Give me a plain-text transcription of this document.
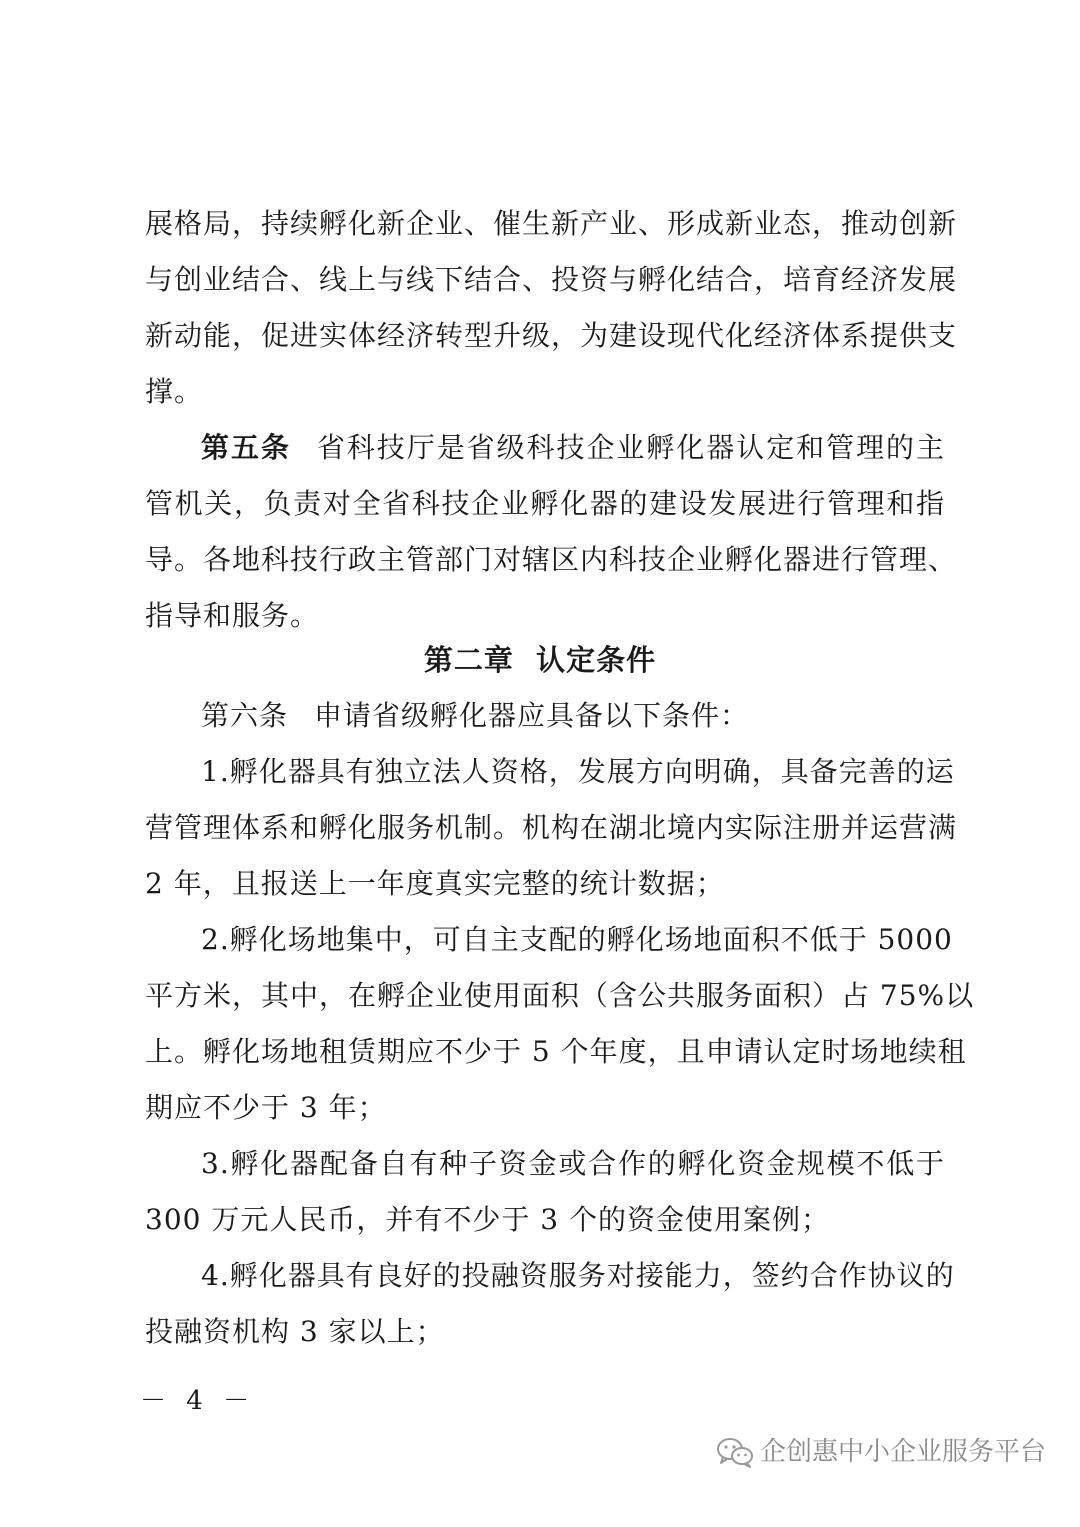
展格局，持续孵化新企业、催生新产业、形成新业态，推动创新
与创业结合、线上与线下结合、投资与孵化结合，培育经济发展
新动能，促进实体经济转型升级，为建设现代化经济体系提供支
撑。
第五条 省科技厅是省级科技企业孵化器认定和管理的主
管机关，负责对全省科技企业孵化器的建设发展进行管理和指
导。各地科技行政主管部门对辖区内科技企业孵化器进行管理、
指导和服务。
第二章  认定条件
第六条 申请省级孵化器应具备以下条件：
1.孵化器具有独立法人资格，发展方向明确，具备完善的运
营管理体系和孵化服务机制。机构在湖北境内实际注册并运营满
2 年，且报送上一年度真实完整的统计数据；
2.孵化场地集中，可自主支配的孵化场地面积不低于 5000
平方米，其中，在孵企业使用面积（含公共服务面积）占 75%以
上。孵化场地租赁期应不少于 5 个年度，且申请认定时场地续租
期应不少于 3 年；
3.孵化器配备自有种子资金或合作的孵化资金规模不低于
300 万元人民币，并有不少于 3 个的资金使用案例；
4.孵化器具有良好的投融资服务对接能力，签约合作协议的
投融资机构 3 家以上；
－ 4 －
企创惠中小企业服务平台
